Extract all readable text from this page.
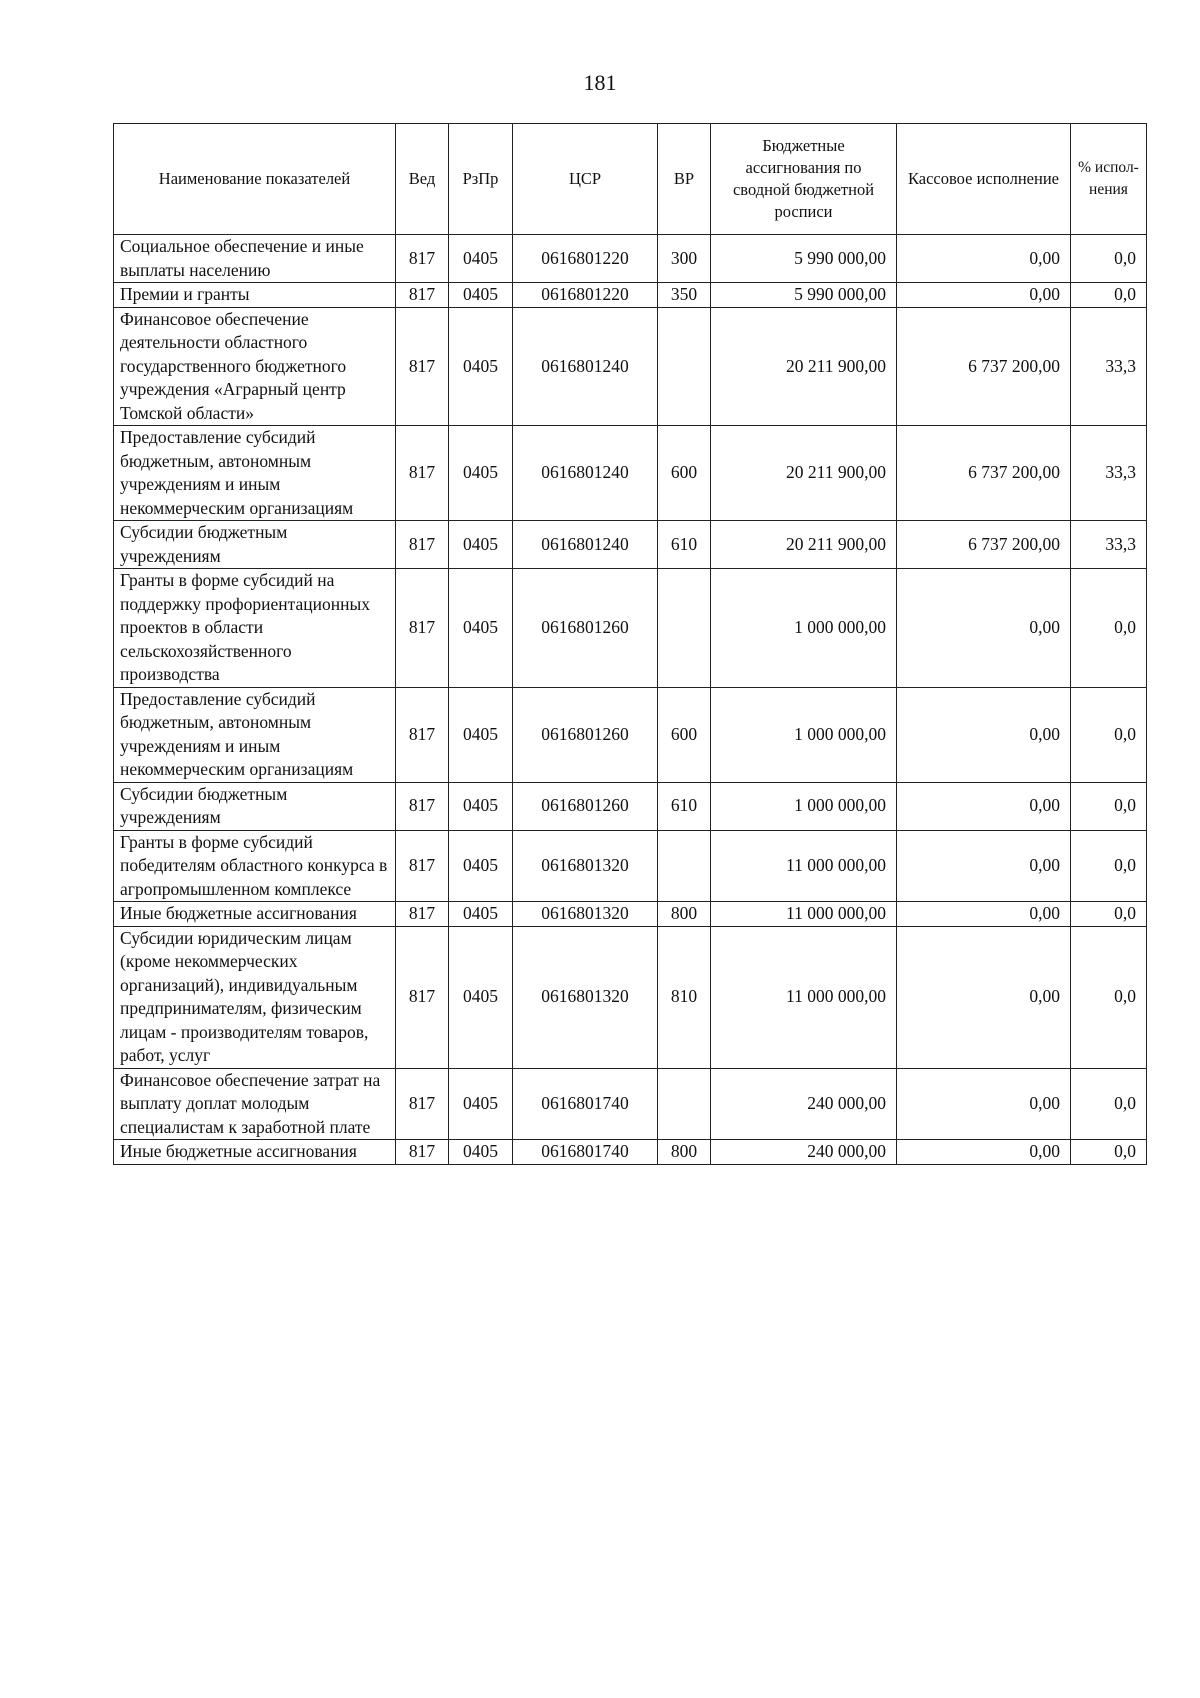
181
Наименование показателей	Вед	РзПр	ЦСР	ВР	Бюджетные ассигнования по сводной бюджетной росписи	Кассовое исполнение	% испол-нения
Социальное обеспечение и иные выплаты населению	817	0405	0616801220	300	5 990 000,00	0,00	0,0
Премии и гранты	817	0405	0616801220	350	5 990 000,00	0,00	0,0
Финансовое обеспечение деятельности областного государственного бюджетного учреждения «Аграрный центр Томской области»	817	0405	0616801240		20 211 900,00	6 737 200,00	33,3
Предоставление субсидий бюджетным, автономным учреждениям и иным некоммерческим организациям	817	0405	0616801240	600	20 211 900,00	6 737 200,00	33,3
Субсидии бюджетным учреждениям	817	0405	0616801240	610	20 211 900,00	6 737 200,00	33,3
Гранты в форме субсидий на поддержку профориентационных проектов в области сельскохозяйственного производства	817	0405	0616801260		1 000 000,00	0,00	0,0
Предоставление субсидий бюджетным, автономным учреждениям и иным некоммерческим организациям	817	0405	0616801260	600	1 000 000,00	0,00	0,0
Субсидии бюджетным учреждениям	817	0405	0616801260	610	1 000 000,00	0,00	0,0
Гранты в форме субсидий победителям областного конкурса в агропромышленном комплексе	817	0405	0616801320		11 000 000,00	0,00	0,0
Иные бюджетные ассигнования	817	0405	0616801320	800	11 000 000,00	0,00	0,0
Субсидии юридическим лицам (кроме некоммерческих организаций), индивидуальным предпринимателям, физическим лицам - производителям товаров, работ, услуг	817	0405	0616801320	810	11 000 000,00	0,00	0,0
Финансовое обеспечение затрат на выплату доплат молодым специалистам к заработной плате	817	0405	0616801740		240 000,00	0,00	0,0
Иные бюджетные ассигнования	817	0405	0616801740	800	240 000,00	0,00	0,0
